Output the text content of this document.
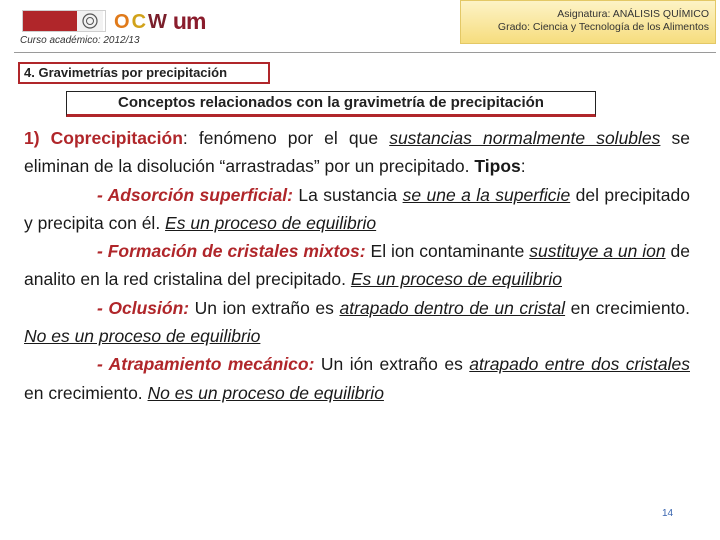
O C W um
Curso académico: 2012/13
Asignatura: ANÁLISIS QUÍMICO
Grado: Ciencia y Tecnología de los Alimentos
4. Gravimetrías por precipitación
Conceptos relacionados con la gravimetría de precipitación

1) Coprecipitación: fenómeno por el que sustancias normalmente solubles se eliminan de la disolución “arrastradas” por un precipitado. Tipos:

- Adsorción superficial: La sustancia se une a la superficie del precipitado y precipita con él. Es un proceso de equilibrio

- Formación de cristales mixtos: El ion contaminante sustituye a un ion de analito en la red cristalina del precipitado. Es un proceso de equilibrio

- Oclusión: Un ion extraño es atrapado dentro de un cristal en crecimiento. No es un proceso de equilibrio

- Atrapamiento mecánico: Un ión extraño es atrapado entre dos cristales en crecimiento. No es un proceso de equilibrio

14
